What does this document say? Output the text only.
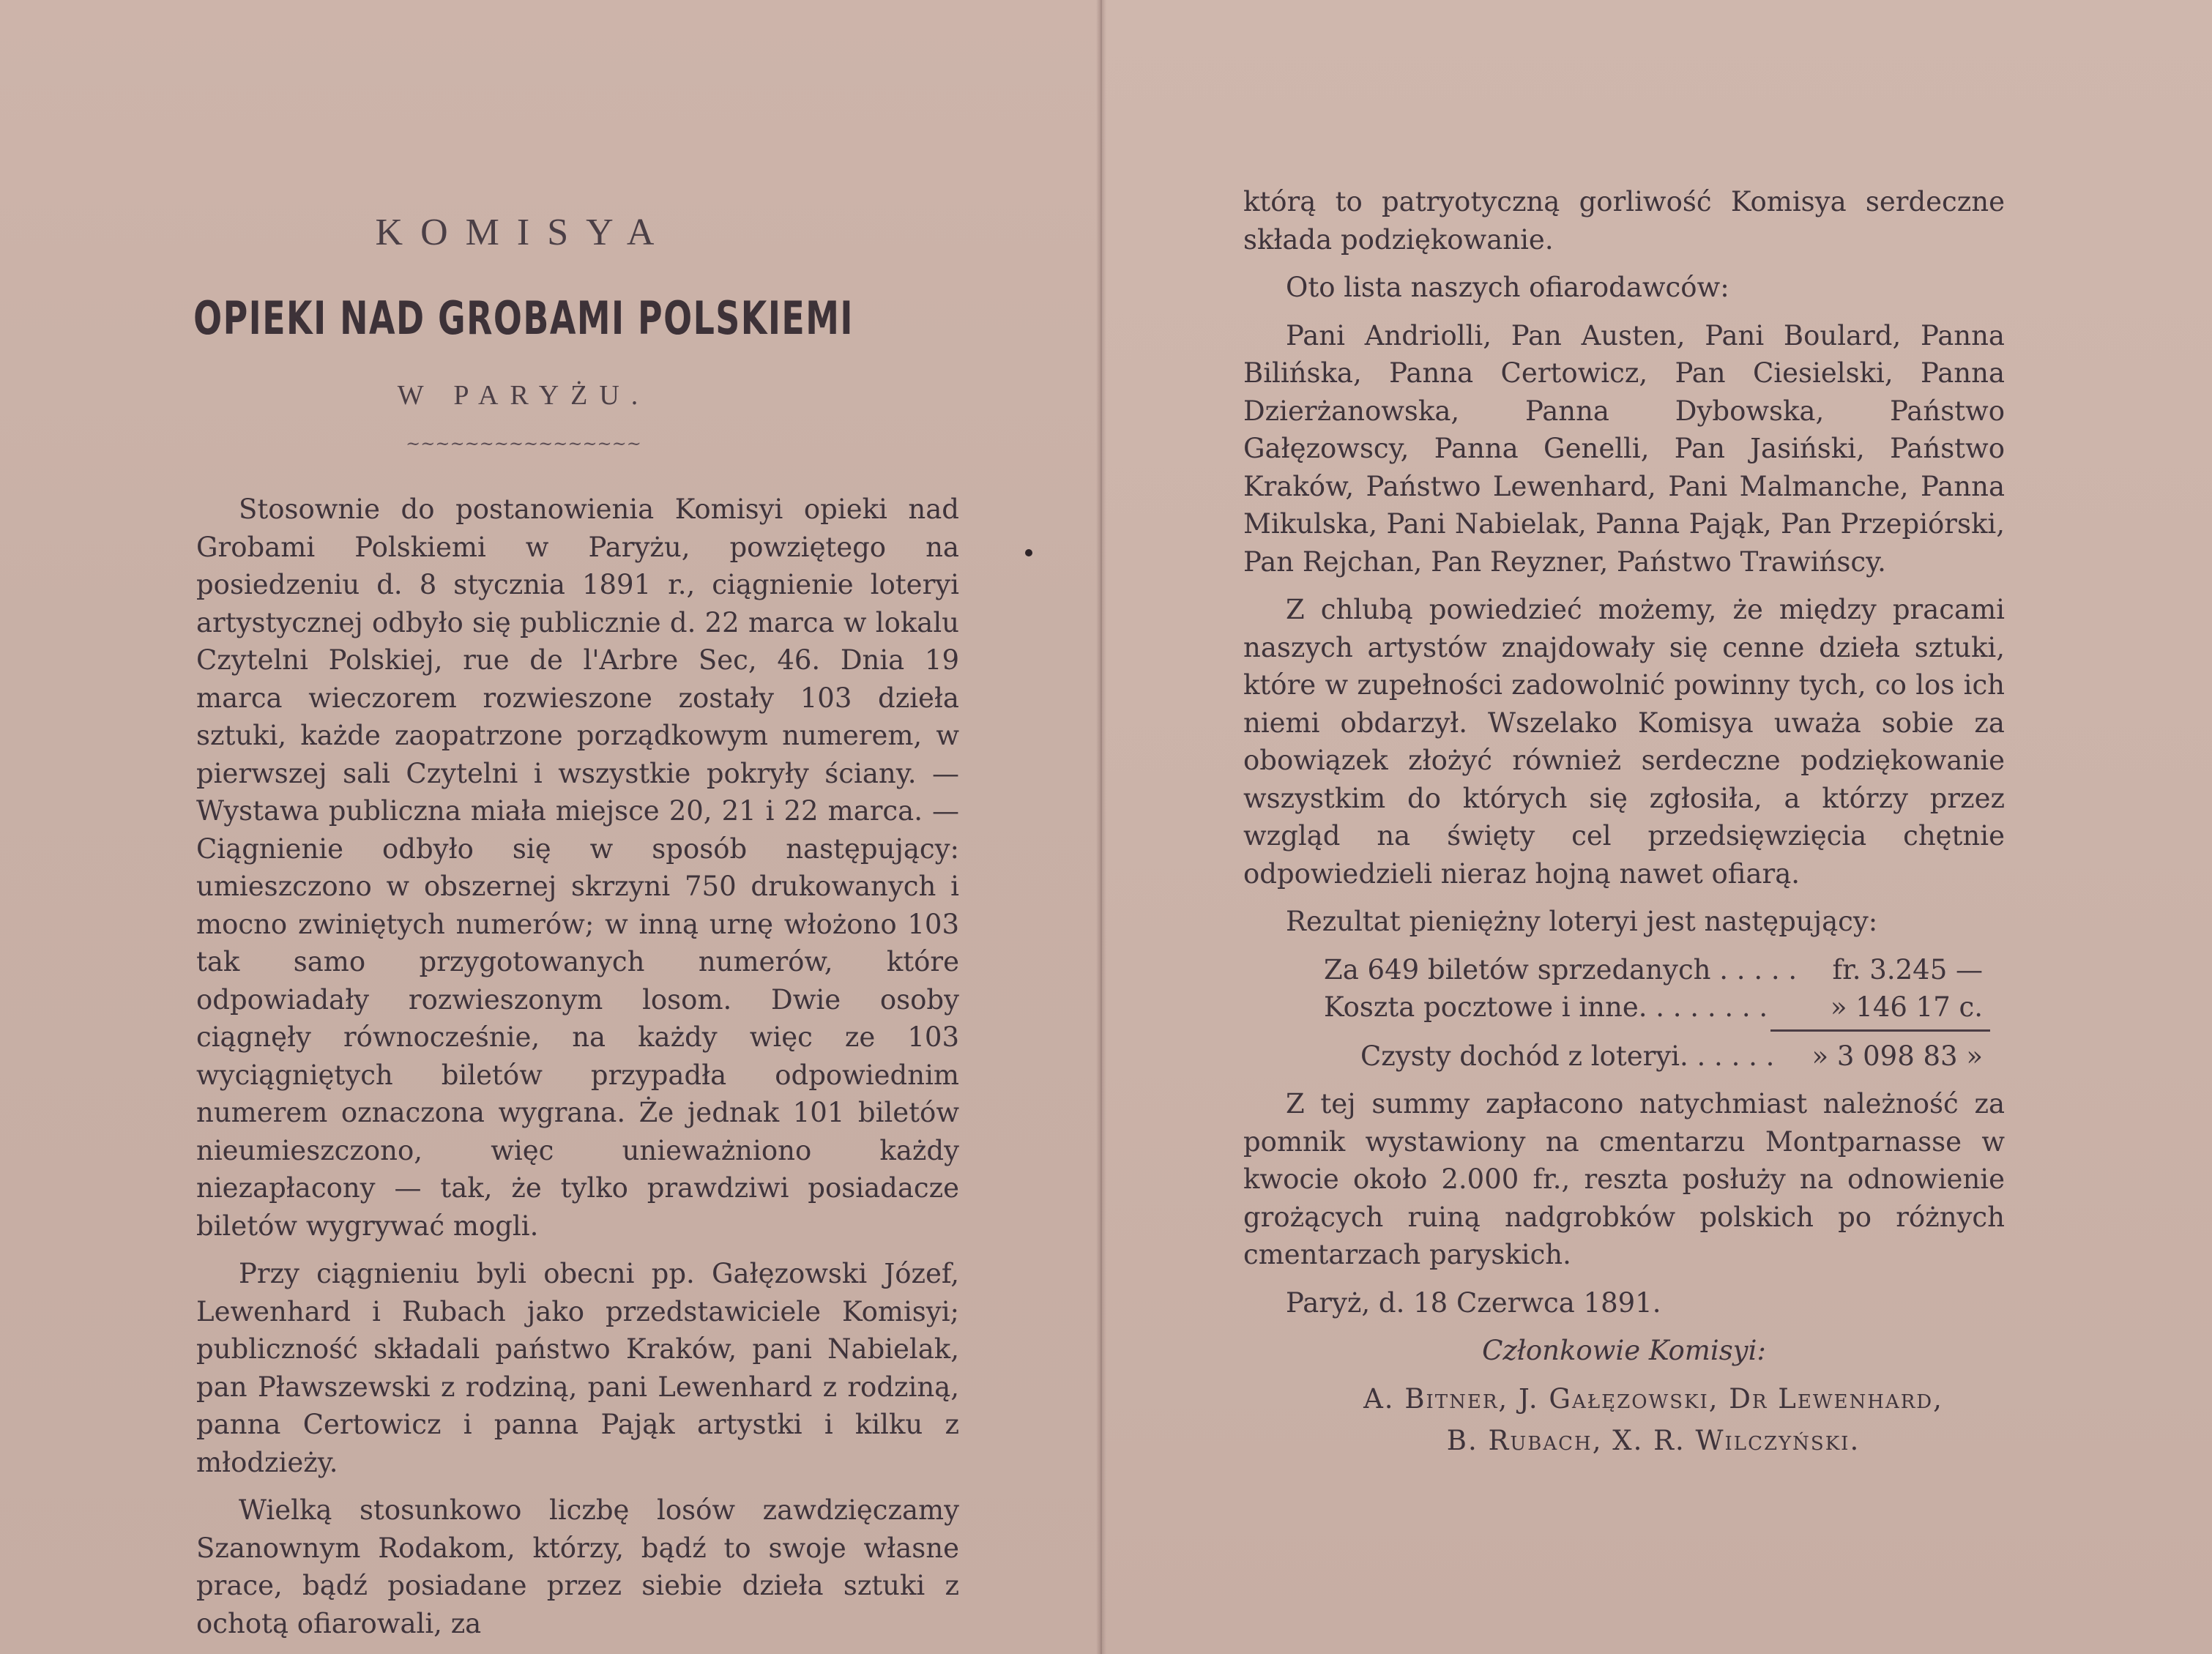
KOMISYA
OPIEKI NAD GROBAMI POLSKIEMI
W PARYŻU.
~~~~~~~~~~~~~~~~

Stosownie do postanowienia Komisyi opieki nad Grobami Polskiemi w Paryżu, powziętego na posiedzeniu d. 8 stycznia 1891 r., ciągnienie loteryi artystycznej odbyło się publicznie d. 22 marca w lokalu Czytelni Polskiej, rue de l'Arbre Sec, 46. Dnia 19 marca wieczorem rozwieszone zostały 103 dzieła sztuki, każde zaopatrzone porządkowym numerem, w pierwszej sali Czytelni i wszystkie pokryły ściany. — Wystawa publiczna miała miejsce 20, 21 i 22 marca. — Ciągnienie odbyło się w sposób następujący: umieszczono w obszernej skrzyni 750 drukowanych i mocno zwiniętych numerów; w inną urnę włożono 103 tak samo przygotowanych numerów, które odpowiadały rozwieszonym losom. Dwie osoby ciągnęły równocześnie, na każdy więc ze 103 wyciągniętych biletów przypadła odpowiednim numerem oznaczona wygrana. Że jednak 101 biletów nieumieszczono, więc unieważniono każdy niezapłacony — tak, że tylko prawdziwi posiadacze biletów wygrywać mogli.

Przy ciągnieniu byli obecni pp. Gałęzowski Józef, Lewenhard i Rubach jako przedstawiciele Komisyi; publiczność składali państwo Kraków, pani Nabielak, pan Pławszewski z rodziną, pani Lewenhard z rodziną, panna Certowicz i panna Pająk artystki i kilku z młodzieży.

Wielką stosunkowo liczbę losów zawdzięczamy Szanownym Rodakom, którzy, bądź to swoje własne prace, bądź posiadane przez siebie dzieła sztuki z ochotą ofiarowali, za

którą to patryotyczną gorliwość Komisya serdeczne składa podziękowanie.

Oto lista naszych ofiarodawców:

Pani Andriolli, Pan Austen, Pani Boulard, Panna Bilińska, Panna Certowicz, Pan Ciesielski, Panna Dzierżanowska, Panna Dybowska, Państwo Gałęzowscy, Panna Genelli, Pan Jasiński, Państwo Kraków, Państwo Lewenhard, Pani Malmanche, Panna Mikulska, Pani Nabielak, Panna Pająk, Pan Przepiórski, Pan Rejchan, Pan Reyzner, Państwo Trawińscy.

Z chlubą powiedzieć możemy, że między pracami naszych artystów znajdowały się cenne dzieła sztuki, które w zupełności zadowolnić powinny tych, co los ich niemi obdarzył. Wszelako Komisya uważa sobie za obowiązek złożyć również serdeczne podziękowanie wszystkim do których się zgłosiła, a którzy przez wzgląd na święty cel przedsięwzięcia chętnie odpowiedzieli nieraz hojną nawet ofiarą.

Rezultat pieniężny loteryi jest następujący:

Za 649 biletów sprzedanych . . . . . fr. 3.245 —
Koszta pocztowe i inne. . . . . . . . » 146 17 c.
Czysty dochód z loteryi. . . . . . » 3 098 83 »

Z tej summy zapłacono natychmiast należność za pomnik wystawiony na cmentarzu Montparnasse w kwocie około 2.000 fr., reszta posłuży na odnowienie grożących ruiną nadgrobków polskich po różnych cmentarzach paryskich.

Paryż, d. 18 Czerwca 1891.

Członkowie Komisyi:

A. Bitner, J. Gałęzowski, Dr Lewenhard,

B. Rubach, X. R. Wilczyński.
